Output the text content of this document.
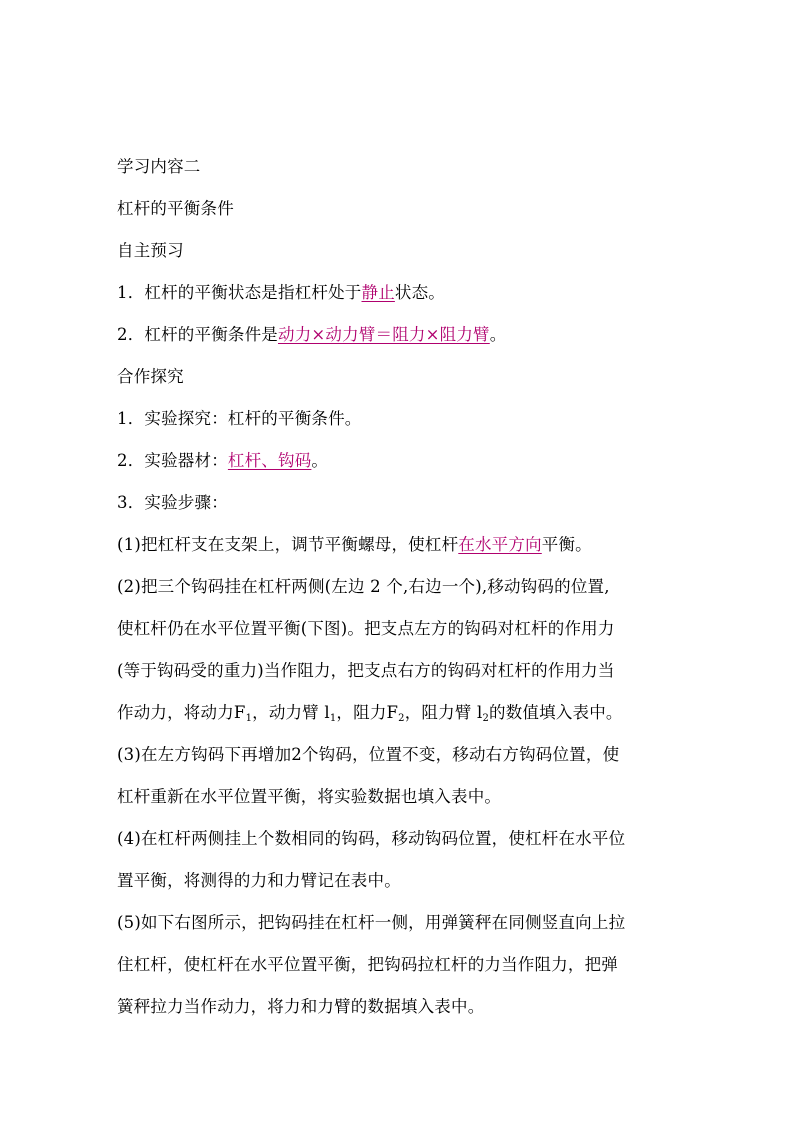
学习内容二
杠杆的平衡条件
自主预习
1．杠杆的平衡状态是指杠杆处于静止状态。
2．杠杆的平衡条件是动力×动力臂＝阻力×阻力臂。
合作探究
1．实验探究：杠杆的平衡条件。
2．实验器材：杠杆、钩码。
3．实验步骤：
(1)把杠杆支在支架上，调节平衡螺母，使杠杆在水平方向平衡。
(2)把三个钩码挂在杠杆两侧(左边 2 个,右边一个),移动钩码的位置,
使杠杆仍在水平位置平衡(下图)。把支点左方的钩码对杠杆的作用力
(等于钩码受的重力)当作阻力，把支点右方的钩码对杠杆的作用力当
作动力，将动力$F_1$，动力臂 $l_1$，阻力$F_2$，阻力臂 $l_2$的数值填入表中。
(3)在左方钩码下再增加2个钩码，位置不变，移动右方钩码位置，使
杠杆重新在水平位置平衡，将实验数据也填入表中。
(4)在杠杆两侧挂上个数相同的钩码，移动钩码位置，使杠杆在水平位
置平衡，将测得的力和力臂记在表中。
(5)如下右图所示，把钩码挂在杠杆一侧，用弹簧秤在同侧竖直向上拉
住杠杆，使杠杆在水平位置平衡，把钩码拉杠杆的力当作阻力，把弹
簧秤拉力当作动力，将力和力臂的数据填入表中。
